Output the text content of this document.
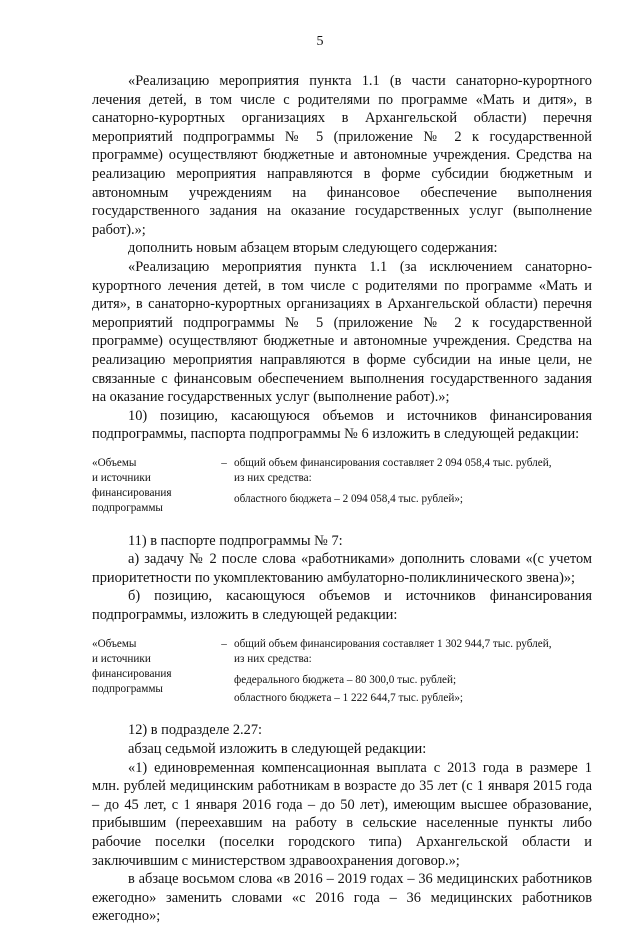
5

«Реализацию мероприятия пункта 1.1 (в части санаторно-курортного лечения детей, в том числе с родителями по программе «Мать и дитя», в санаторно-курортных организациях в Архангельской области) перечня мероприятий подпрограммы № 5 (приложение № 2 к государственной программе) осуществляют бюджетные и автономные учреждения. Средства на реализацию мероприятия направляются в форме субсидии бюджетным и автономным учреждениям на финансовое обеспечение выполнения государственного задания на оказание государственных услуг (выполнение работ).»;

дополнить новым абзацем вторым следующего содержания:

«Реализацию мероприятия пункта 1.1 (за исключением санаторно-курортного лечения детей, в том числе с родителями по программе «Мать и дитя», в санаторно-курортных организациях в Архангельской области) перечня мероприятий подпрограммы № 5 (приложение № 2 к государственной программе) осуществляют бюджетные и автономные учреждения. Средства на реализацию мероприятия направляются в форме субсидии на иные цели, не связанные с финансовым обеспечением выполнения государственного задания на оказание государственных услуг (выполнение работ).»;

10) позицию, касающуюся объемов и источников финансирования подпрограммы, паспорта подпрограммы № 6 изложить в следующей редакции:

«Объемы
и источники
финансирования
подпрограммы
– общий объем финансирования составляет 2 094 058,4 тыс. рублей,
из них средства:
областного бюджета – 2 094 058,4 тыс. рублей»;

11) в паспорте подпрограммы № 7:

а) задачу № 2 после слова «работниками» дополнить словами «(с учетом приоритетности по укомплектованию амбулаторно-поликлинического звена)»;

б) позицию, касающуюся объемов и источников финансирования подпрограммы, изложить в следующей редакции:

«Объемы
и источники
финансирования
подпрограммы
– общий объем финансирования составляет 1 302 944,7 тыс. рублей,
из них средства:
федерального бюджета – 80 300,0 тыс. рублей;
областного бюджета – 1 222 644,7 тыс. рублей»;

12) в подразделе 2.27:

абзац седьмой изложить в следующей редакции:

«1) единовременная компенсационная выплата с 2013 года в размере 1 млн. рублей медицинским работникам в возрасте до 35 лет (с 1 января 2015 года – до 45 лет, с 1 января 2016 года – до 50 лет), имеющим высшее образование, прибывшим (переехавшим на работу в сельские населенные пункты либо рабочие поселки (поселки городского типа) Архангельской области и заключившим с министерством здравоохранения договор.»;

в абзаце восьмом слова «в 2016 – 2019 годах – 36 медицинских работников ежегодно» заменить словами «с 2016 года – 36 медицинских работников ежегодно»;
